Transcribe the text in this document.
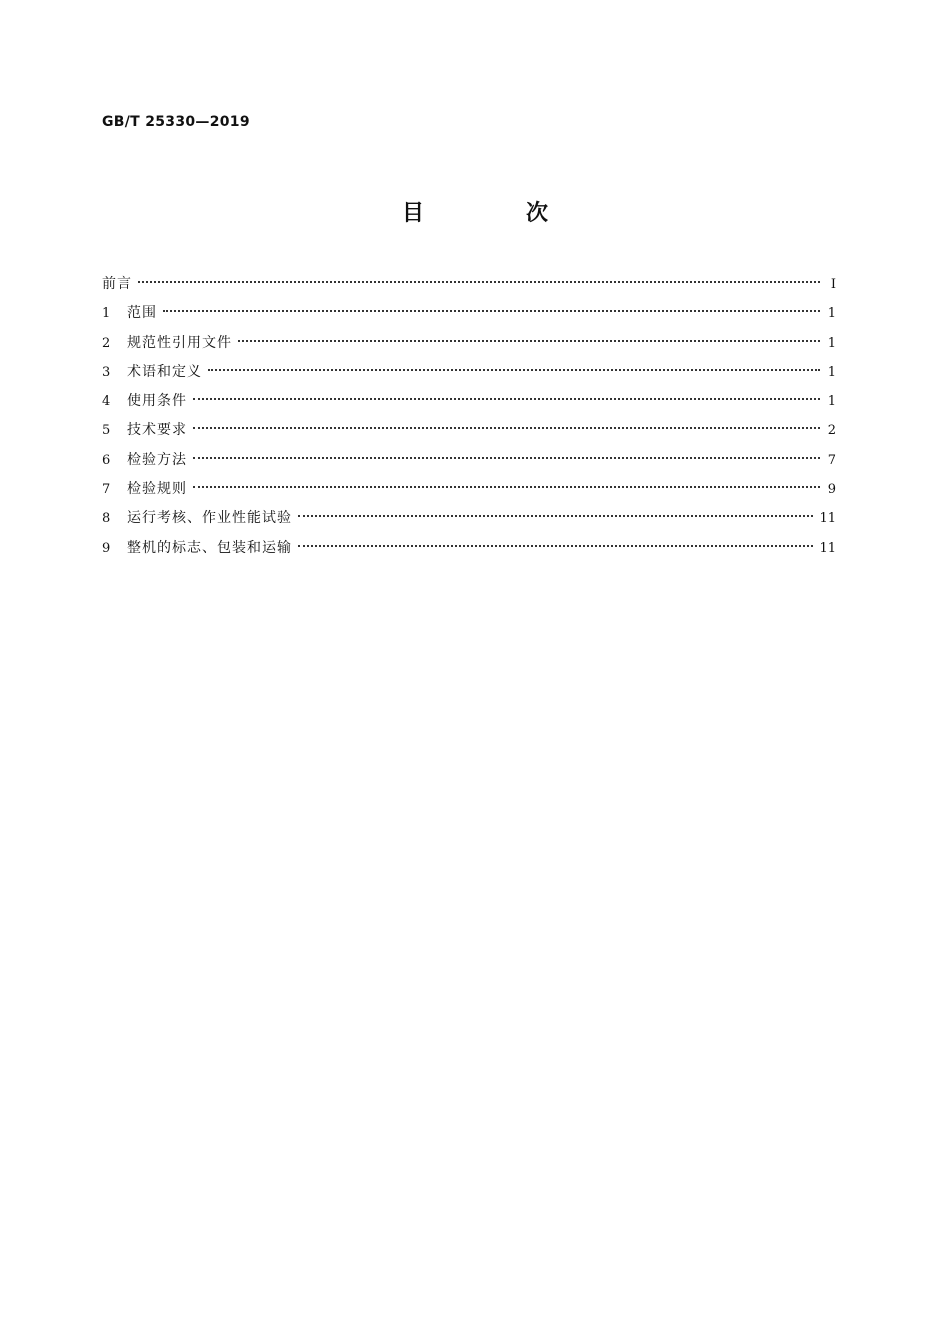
GB/T 25330—2019
目　次
前言	Ⅰ
1	范围	1
2	规范性引用文件	1
3	术语和定义	1
4	使用条件	1
5	技术要求	2
6	检验方法	7
7	检验规则	9
8	运行考核、作业性能试验	11
9	整机的标志、包装和运输	11
